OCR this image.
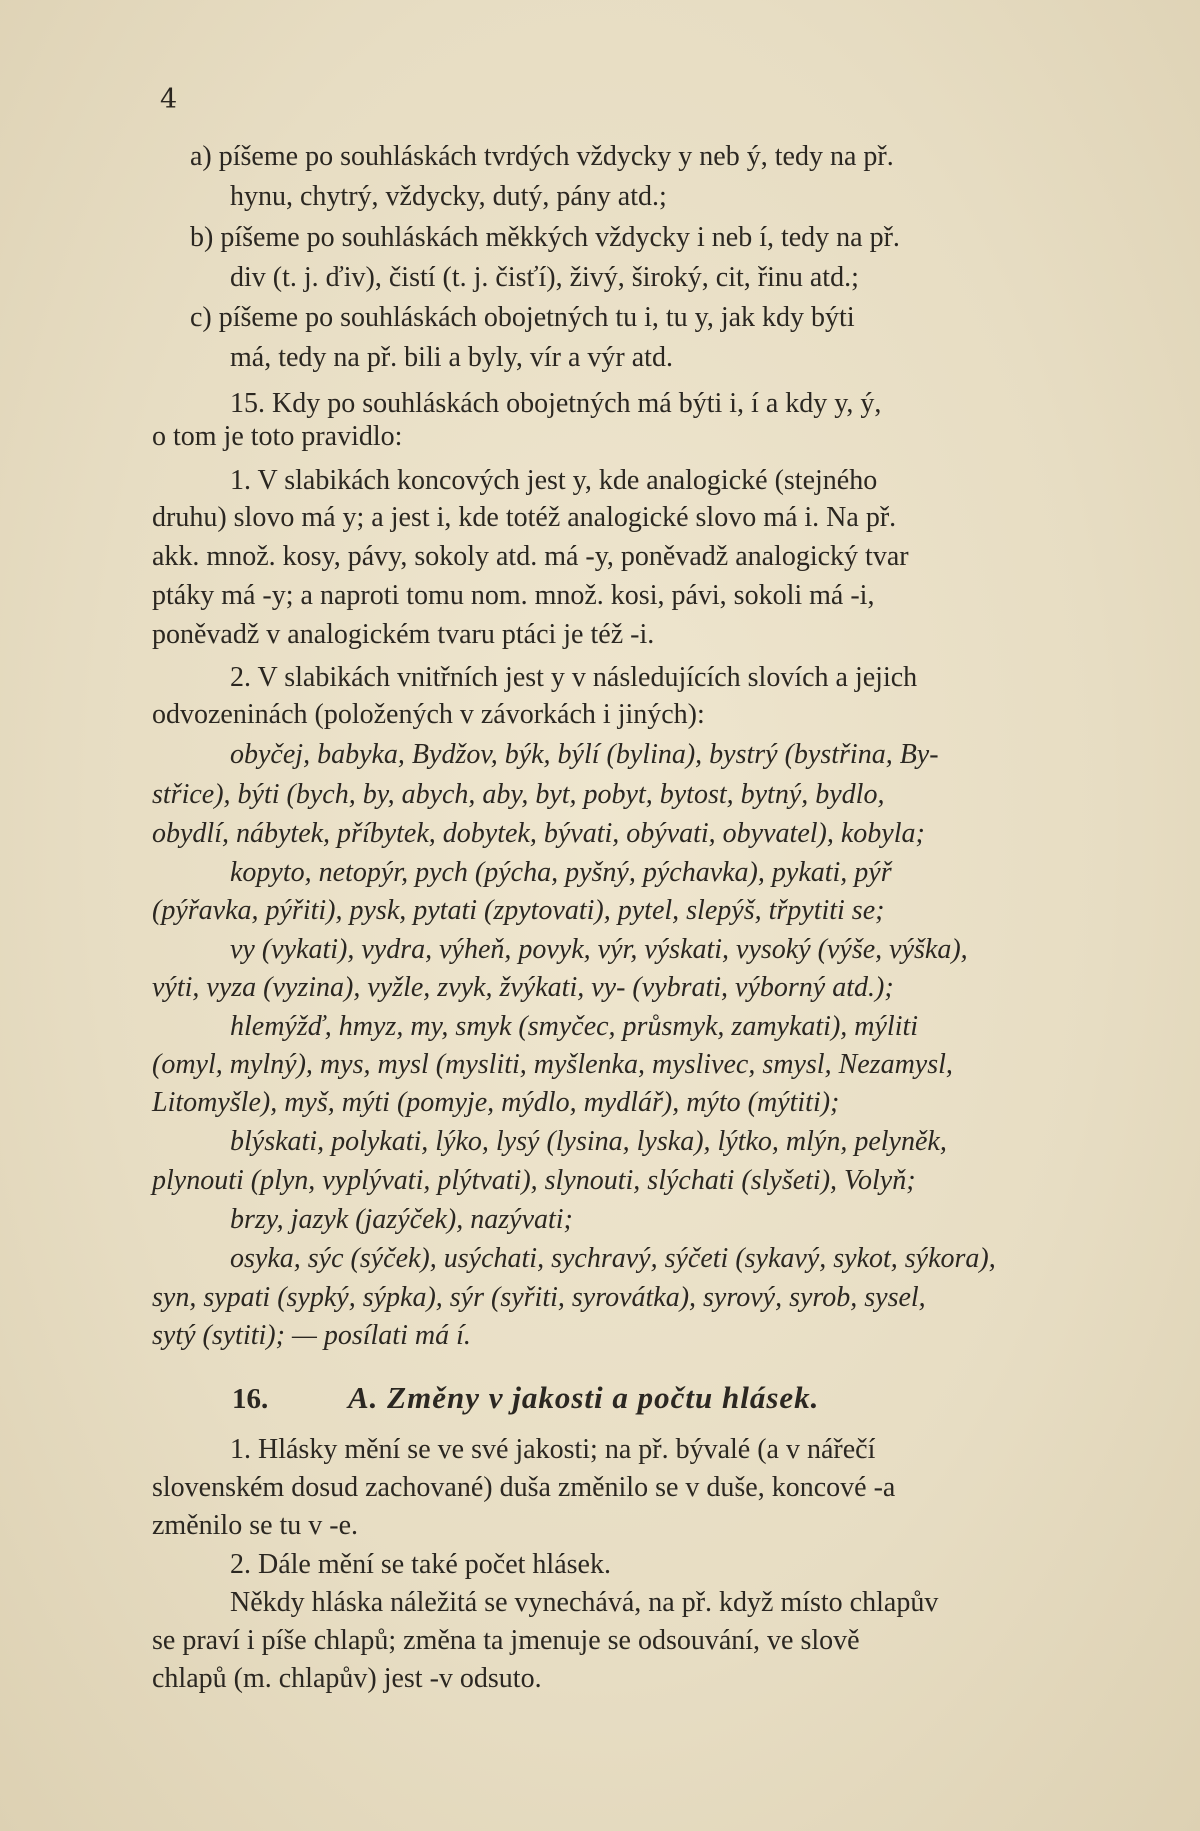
4
a) píšeme po souhláskách tvrdých vždycky y neb ý, tedy na př.
hynu, chytrý, vždycky, dutý, pány atd.;
b) píšeme po souhláskách měkkých vždycky i neb í, tedy na př.
div (t. j. ďiv), čistí (t. j. čisťí), živý, široký, cit, řinu atd.;
c) píšeme po souhláskách obojetných tu i, tu y, jak kdy býti
má, tedy na př. bili a byly, vír a výr atd.
15. Kdy po souhláskách obojetných má býti i, í a kdy y, ý,
o tom je toto pravidlo:
1. V slabikách koncových jest y, kde analogické (stejného
druhu) slovo má y; a jest i, kde totéž analogické slovo má i. Na př.
akk. množ. kosy, pávy, sokoly atd. má -y, poněvadž analogický tvar
ptáky má -y; a naproti tomu nom. množ. kosi, pávi, sokoli má -i,
poněvadž v analogickém tvaru ptáci je též -i.
2. V slabikách vnitřních jest y v následujících slovích a jejich
odvozeninách (položených v závorkách i jiných):
obyčej, babyka, Bydžov, býk, býlí (bylina), bystrý (bystřina, By-
střice), býti (bych, by, abych, aby, byt, pobyt, bytost, bytný, bydlo,
obydlí, nábytek, příbytek, dobytek, bývati, obývati, obyvatel), kobyla;
kopyto, netopýr, pych (pýcha, pyšný, pýchavka), pykati, pýř
(pýřavka, pýřiti), pysk, pytati (zpytovati), pytel, slepýš, třpytiti se;
vy (vykati), vydra, výheň, povyk, výr, výskati, vysoký (výše, výška),
výti, vyza (vyzina), vyžle, zvyk, žvýkati, vy- (vybrati, výborný atd.);
hlemýžď, hmyz, my, smyk (smyčec, průsmyk, zamykati), mýliti
(omyl, mylný), mys, mysl (mysliti, myšlenka, myslivec, smysl, Nezamysl,
Litomyšle), myš, mýti (pomyje, mýdlo, mydlář), mýto (mýtiti);
blýskati, polykati, lýko, lysý (lysina, lyska), lýtko, mlýn, pelyněk,
plynouti (plyn, vyplývati, plýtvati), slynouti, slýchati (slyšeti), Volyň;
brzy, jazyk (jazýček), nazývati;
osyka, sýc (sýček), usýchati, sychravý, sýčeti (sykavý, sykot, sýkora),
syn, sypati (sypký, sýpka), sýr (syřiti, syrovátka), syrový, syrob, sysel,
sytý (sytiti); — posílati má í.
16.	A. Změny v jakosti a počtu hlásek.
1. Hlásky mění se ve své jakosti; na př. bývalé (a v nářečí
slovenském dosud zachované) duša změnilo se v duše, koncové -a
změnilo se tu v -e.
2. Dále mění se také počet hlásek.
Někdy hláska náležitá se vynechává, na př. když místo chlapův
se praví i píše chlapů; změna ta jmenuje se odsouvání, ve slově
chlapů (m. chlapův) jest -v odsuto.
